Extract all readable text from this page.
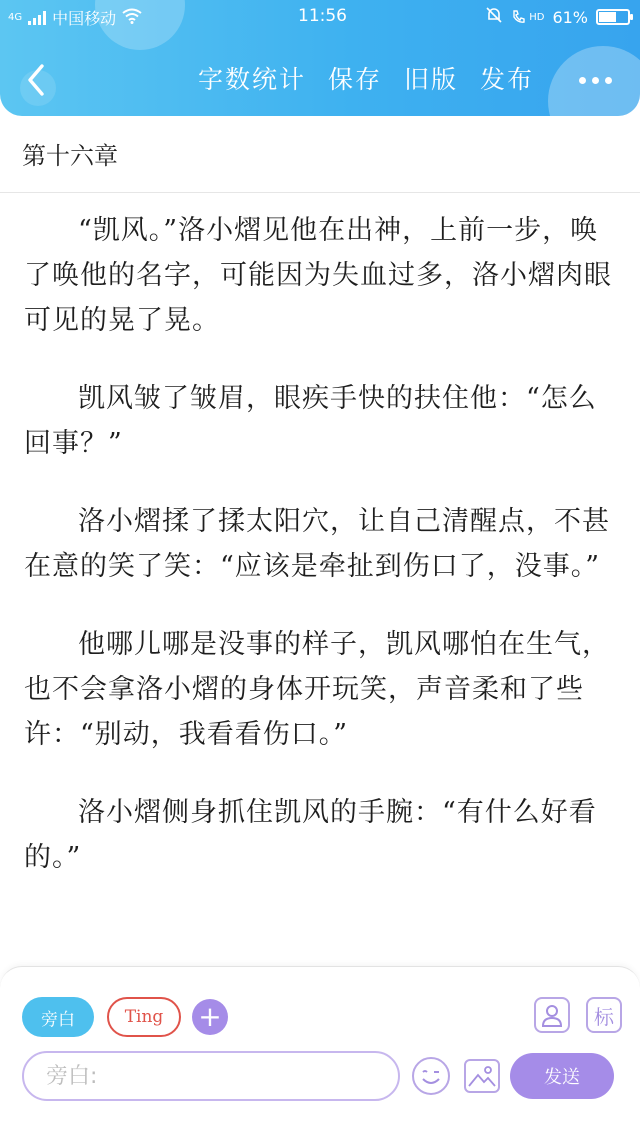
4G 中国移动	11:56	HD 61%
字数统计 保存 旧版 发布
第十六章

“凯风。”洛小熠见他在出神，上前一步，唤了唤他的名字，可能因为失血过多，洛小熠肉眼可见的晃了晃。

凯风皱了皱眉，眼疾手快的扶住他：“怎么回事？”

洛小熠揉了揉太阳穴，让自己清醒点，不甚在意的笑了笑：“应该是牵扯到伤口了，没事。”

他哪儿哪是没事的样子，凯风哪怕在生气，也不会拿洛小熠的身体开玩笑，声音柔和了些许：“别动，我看看伤口。”

洛小熠侧身抓住凯风的手腕：“有什么好看的。”

旁白	Ting	+	标
旁白:
发送
